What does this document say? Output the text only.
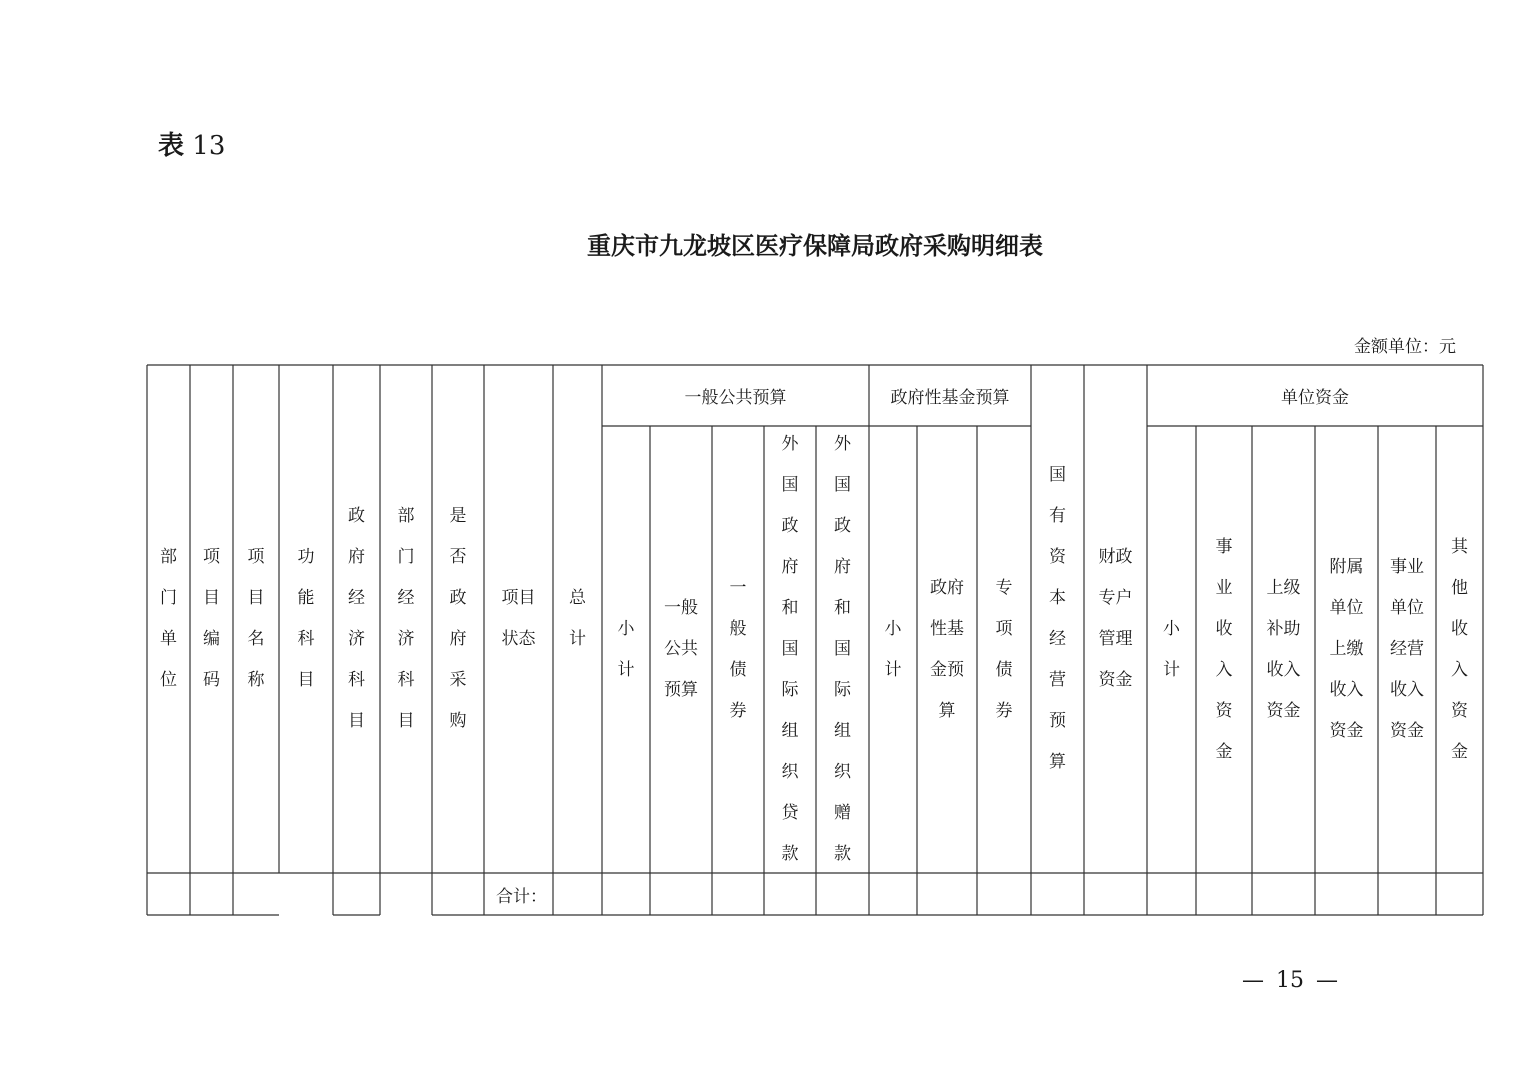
表 13
重庆市九龙坡区医疗保障局政府采购明细表
金额单位：元
部门单位
项目编码
项目名称
功能科目
政府经济科目
部门经济科目
是否政府采购
项目状态
总计
一般公共预算	政府性基金预算	单位资金
小计
一般公共预算
一般债券
外国政府和国际组织贷款
外国政府和国际组织赠款
小计
政府性基金预算
专项债券
国有资本经营预算
财政专户管理资金
小计
事业收入资金
上级补助收入资金
附属单位上缴收入资金
事业单位经营收入资金
其他收入资金
合计：
— 15 —
